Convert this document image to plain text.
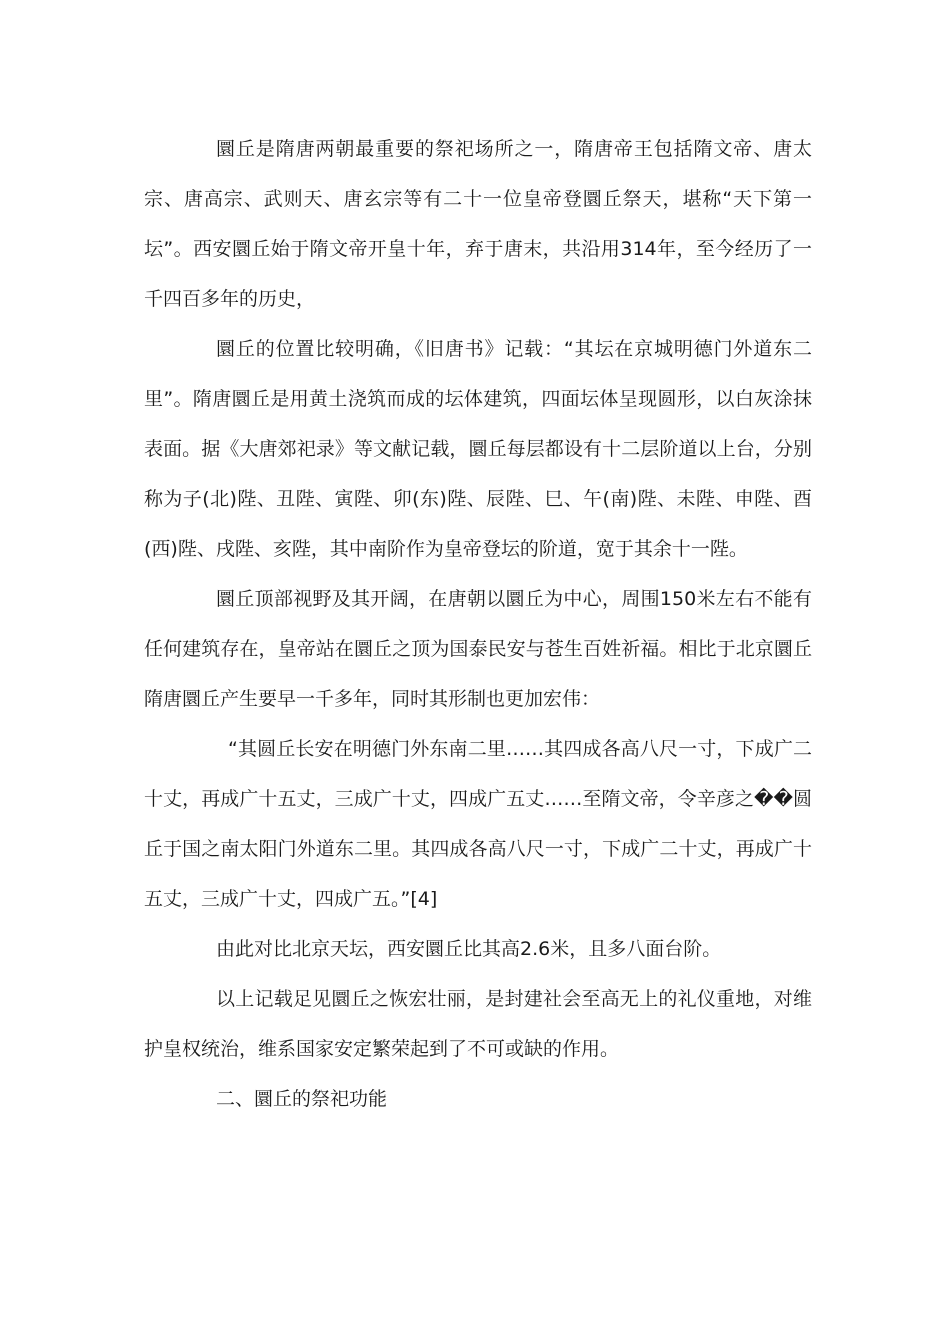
圜丘是隋唐两朝最重要的祭祀场所之一，隋唐帝王包括隋文帝、唐太宗、唐高宗、武则天、唐玄宗等有二十一位皇帝登圜丘祭天，堪称“天下第一坛”。西安圜丘始于隋文帝开皇十年，弃于唐末，共沿用314年，至今经历了一千四百多年的历史，

圜丘的位置比较明确，《旧唐书》记载：“其坛在京城明德门外道东二里”。隋唐圜丘是用黄土浇筑而成的坛体建筑，四面坛体呈现圆形，以白灰涂抹表面。据《大唐郊祀录》等文献记载，圜丘每层都设有十二层阶道以上台，分别称为子(北)陛、丑陛、寅陛、卯(东)陛、辰陛、巳、午(南)陛、未陛、申陛、酉(西)陛、戌陛、亥陛，其中南阶作为皇帝登坛的阶道，宽于其余十一陛。

圜丘顶部视野及其开阔，在唐朝以圜丘为中心，周围150米左右不能有任何建筑存在，皇帝站在圜丘之顶为国泰民安与苍生百姓祈福。相比于北京圜丘隋唐圜丘产生要早一千多年，同时其形制也更加宏伟：

“其圆丘长安在明德门外东南二里……其四成各高八尺一寸，下成广二十丈，再成广十五丈，三成广十丈，四成广五丈……至隋文帝，令辛彦之��圆丘于国之南太阳门外道东二里。其四成各高八尺一寸，下成广二十丈，再成广十五丈，三成广十丈，四成广五。”[4]

由此对比北京天坛，西安圜丘比其高2.6米，且多八面台阶。

以上记载足见圜丘之恢宏壮丽，是封建社会至高无上的礼仪重地，对维护皇权统治，维系国家安定繁荣起到了不可或缺的作用。

二、圜丘的祭祀功能
